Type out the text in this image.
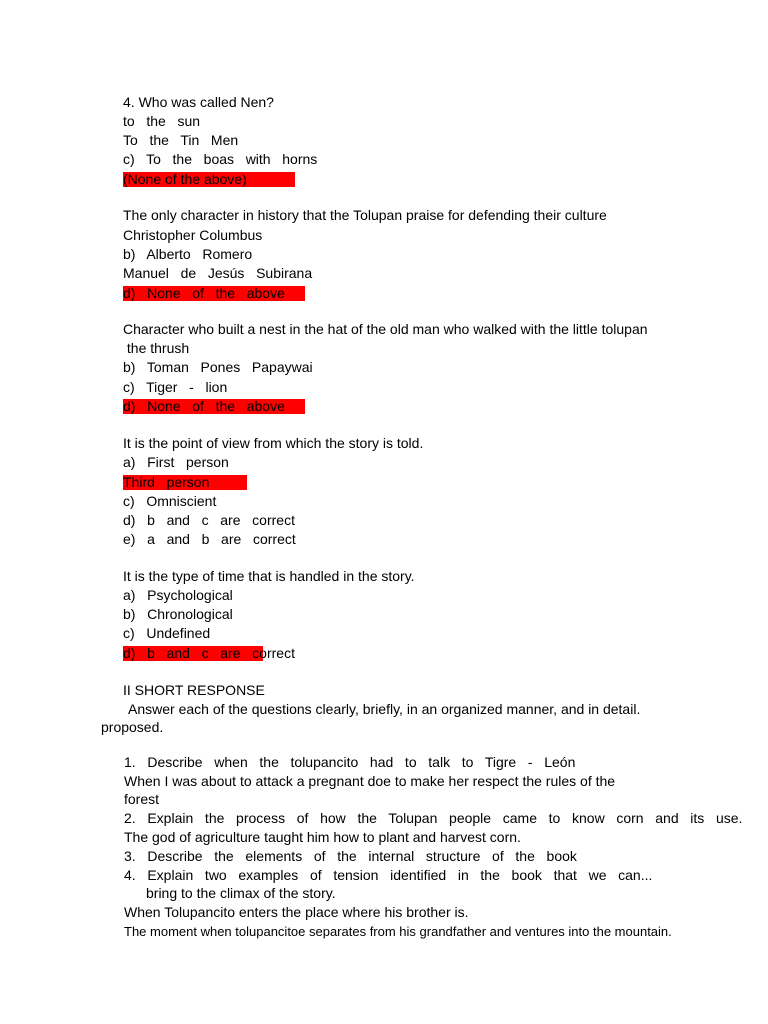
4. Who was called Nen?
to   the   sun
To   the   Tin   Men
c)   To   the   boas   with   horns
(None of the above)
The only character in history that the Tolupan praise for defending their culture
Christopher Columbus
b)   Alberto   Romero
Manuel   de   Jesús   Subirana
d)   None   of   the   above
Character who built a nest in the hat of the old man who walked with the little tolupan
the thrush
b)   Toman   Pones   Papaywai
c)   Tiger   -   lion
d)   None   of   the   above
It is the point of view from which the story is told.
a)   First   person
Third   person
c)   Omniscient
d)   b   and   c   are   correct
e)   a   and   b   are   correct
It is the type of time that is handled in the story.
a)   Psychological
b)   Chronological
c)   Undefined
d)   b   and   c   are   correct
II SHORT RESPONSE
Answer each of the questions clearly, briefly, in an organized manner, and in detail.
proposed.
1.   Describe   when   the   tolupancito   had   to   talk   to   Tigre   -   León
When I was about to attack a pregnant doe to make her respect the rules of the
forest
2.   Explain   the   process   of   how   the   Tolupan   people   came   to   know   corn   and   its   use.
The god of agriculture taught him how to plant and harvest corn.
3.   Describe   the   elements   of   the   internal   structure   of   the   book
4.   Explain   two   examples   of   tension   identified   in   the   book   that   we   can...
bring to the climax of the story.
When Tolupancito enters the place where his brother is.
The moment when tolupancitoe separates from his grandfather and ventures into the mountain.
